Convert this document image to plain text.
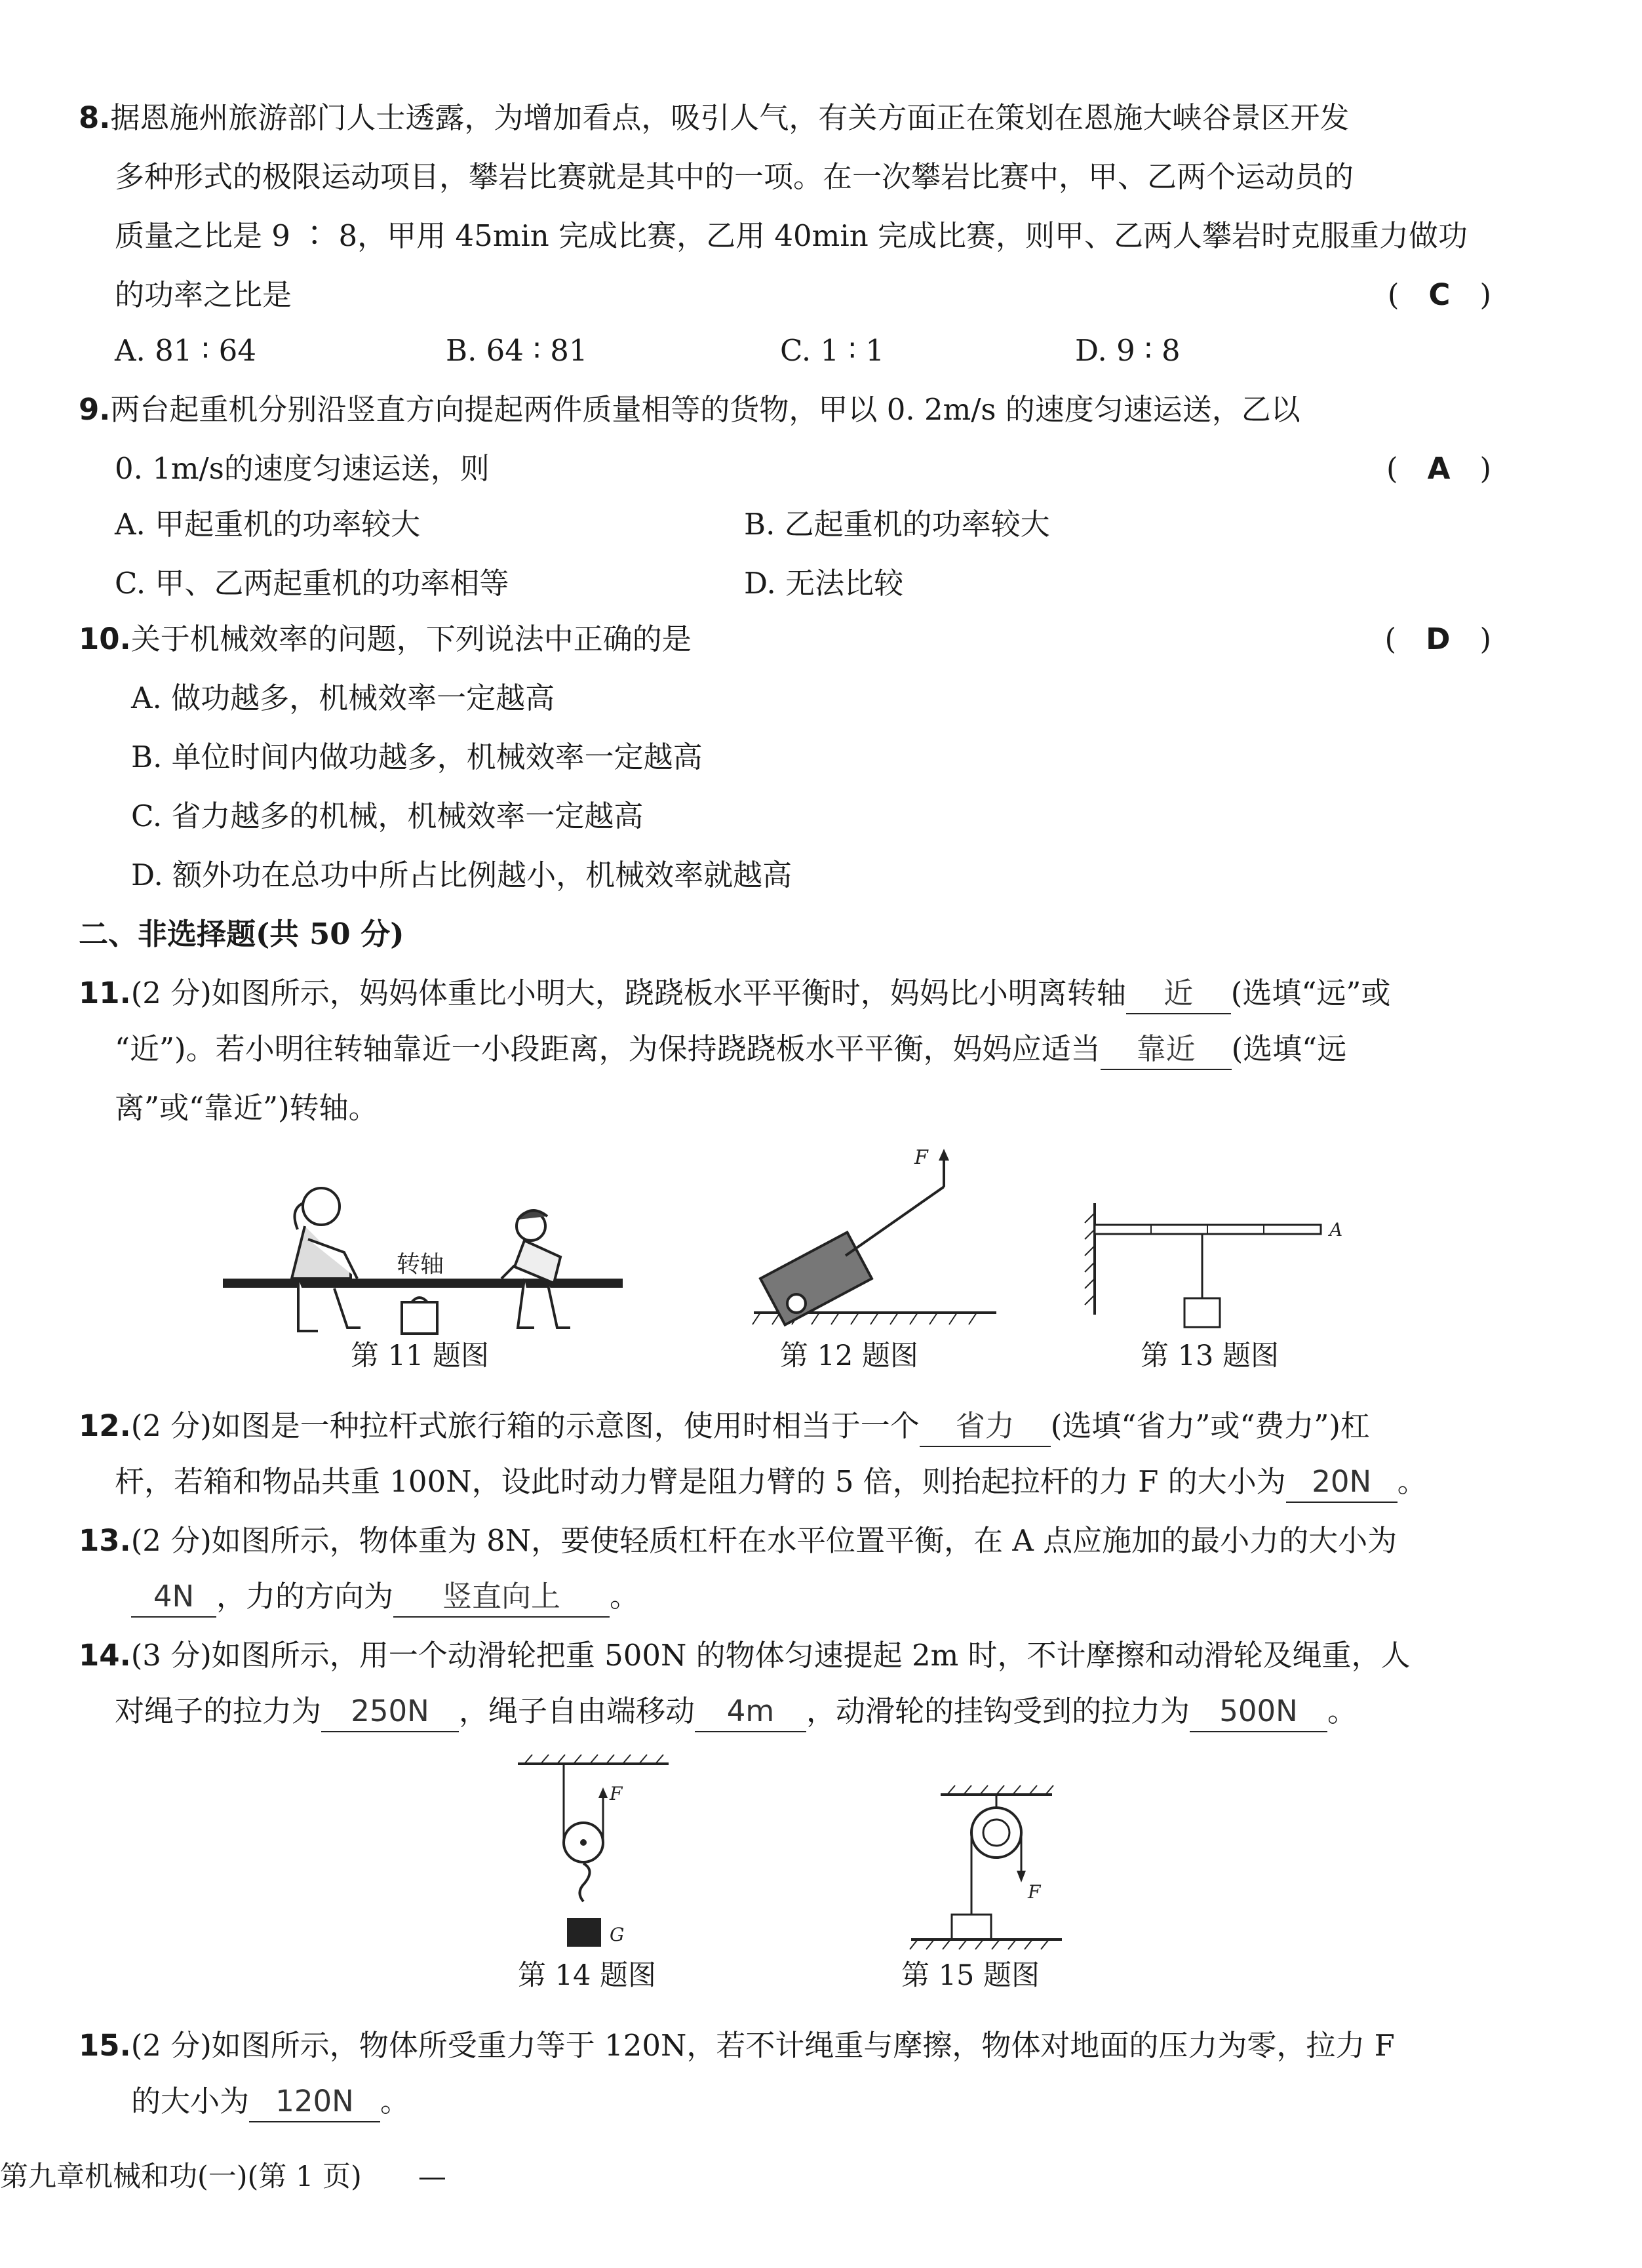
8.据恩施州旅游部门人士透露，为增加看点，吸引人气，有关方面正在策划在恩施大峡谷景区开发
多种形式的极限运动项目，攀岩比赛就是其中的一项。在一次攀岩比赛中，甲、乙两个运动员的
质量之比是 9 ∶ 8，甲用 45min 完成比赛，乙用 40min 完成比赛，则甲、乙两人攀岩时克服重力做功
的功率之比是	(　C　)
A. 81 ∶ 64	B. 64 ∶ 81	C. 1 ∶ 1	D. 9 ∶ 8
9.两台起重机分别沿竖直方向提起两件质量相等的货物，甲以 0. 2m/s 的速度匀速运送，乙以
0. 1m/s的速度匀速运送，则	(　A　)
A. 甲起重机的功率较大	B. 乙起重机的功率较大
C. 甲、乙两起重机的功率相等	D. 无法比较
10.关于机械效率的问题，下列说法中正确的是	(　D　)
A. 做功越多，机械效率一定越高
B. 单位时间内做功越多，机械效率一定越高
C. 省力越多的机械，机械效率一定越高
D. 额外功在总功中所占比例越小，机械效率就越高
二、非选择题(共 50 分)
11.(2 分)如图所示，妈妈体重比小明大，跷跷板水平平衡时，妈妈比小明离转轴 近 (选填“远”或
“近”)。若小明往转轴靠近一小段距离，为保持跷跷板水平平衡，妈妈应适当 靠近 (选填“远
离”或“靠近”)转轴。
转轴
第 11 题图
F
第 12 题图
A
第 13 题图
12.(2 分)如图是一种拉杆式旅行箱的示意图，使用时相当于一个 省力 (选填“省力”或“费力”)杠
杆，若箱和物品共重 100N，设此时动力臂是阻力臂的 5 倍，则抬起拉杆的力 F 的大小为 20N 。
13.(2 分)如图所示，物体重为 8N，要使轻质杠杆在水平位置平衡，在 A 点应施加的最小力的大小为
4N ，力的方向为 竖直向上 。
14.(3 分)如图所示，用一个动滑轮把重 500N 的物体匀速提起 2m 时，不计摩擦和动滑轮及绳重，人
对绳子的拉力为 250N ，绳子自由端移动 4m ，动滑轮的挂钩受到的拉力为 500N 。
F
G
第 14 题图
F
第 15 题图
15.(2 分)如图所示，物体所受重力等于 120N，若不计绳重与摩擦，物体对地面的压力为零，拉力 F
的大小为 120N 。
第九章机械和功(一)(第 1 页)　　 —
